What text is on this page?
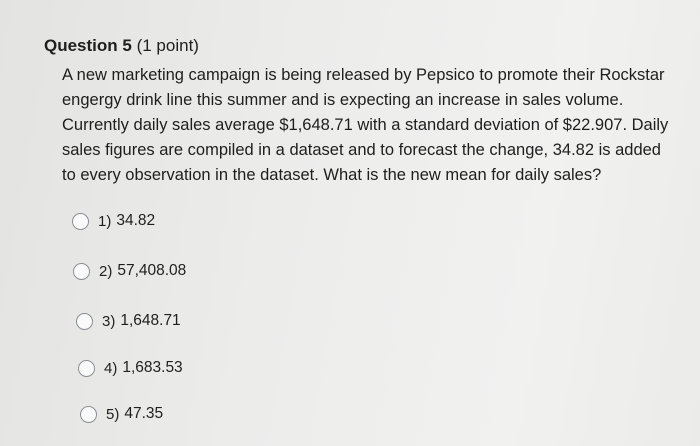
Question 5 (1 point)
A new marketing campaign is being released by Pepsico to promote their Rockstar engergy drink line this summer and is expecting an increase in sales volume. Currently daily sales average $1,648.71 with a standard deviation of $22.907. Daily sales figures are compiled in a dataset and to forecast the change, 34.82 is added to every observation in the dataset. What is the new mean for daily sales?
1) 34.82
2) 57,408.08
3) 1,648.71
4) 1,683.53
5) 47.35
